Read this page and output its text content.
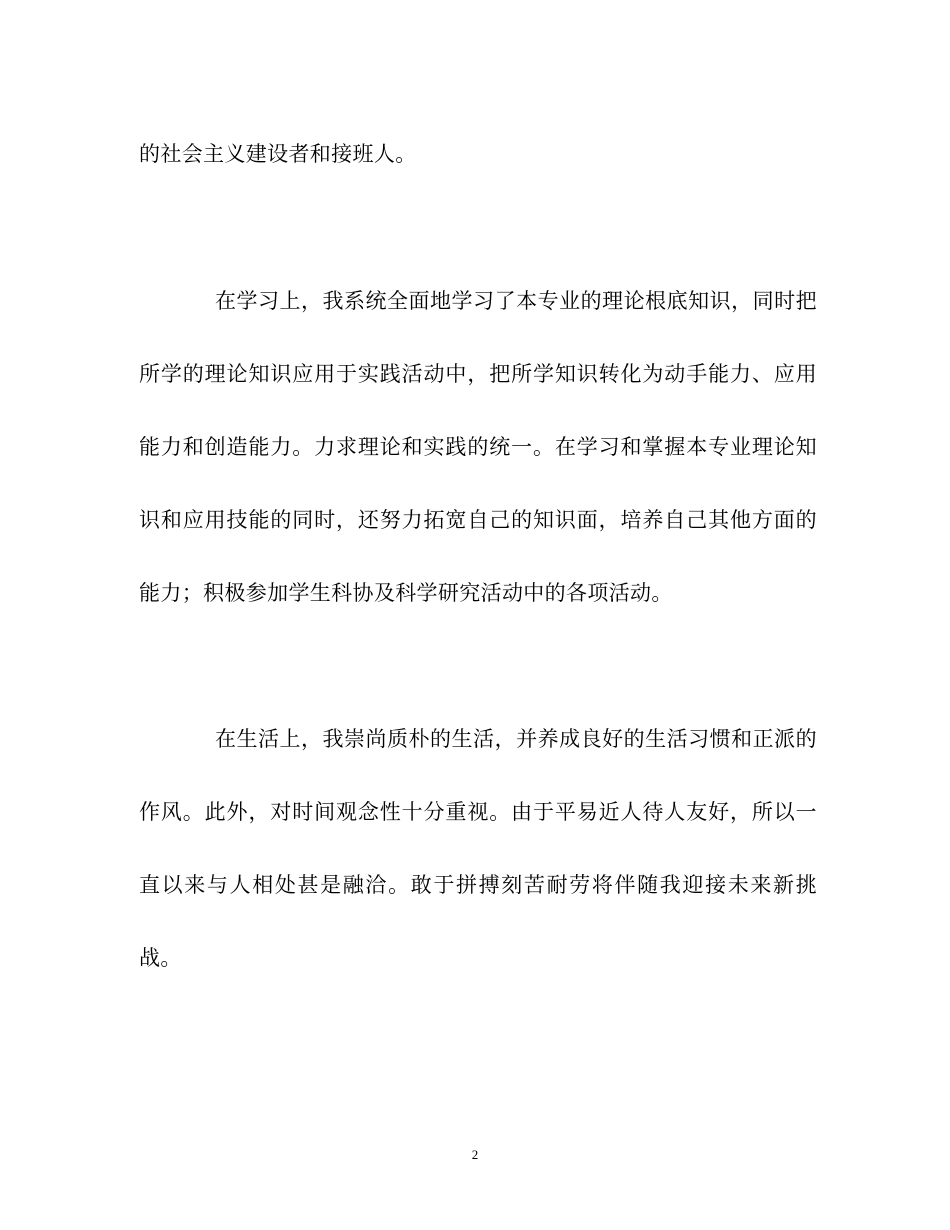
的社会主义建设者和接班人。

在学习上，我系统全面地学习了本专业的理论根底知识，同时把所学的理论知识应用于实践活动中，把所学知识转化为动手能力、应用能力和创造能力。力求理论和实践的统一。在学习和掌握本专业理论知识和应用技能的同时，还努力拓宽自己的知识面，培养自己其他方面的能力；积极参加学生科协及科学研究活动中的各项活动。

在生活上，我崇尚质朴的生活，并养成良好的生活习惯和正派的作风。此外，对时间观念性十分重视。由于平易近人待人友好，所以一直以来与人相处甚是融洽。敢于拼搏刻苦耐劳将伴随我迎接未来新挑战。

2
